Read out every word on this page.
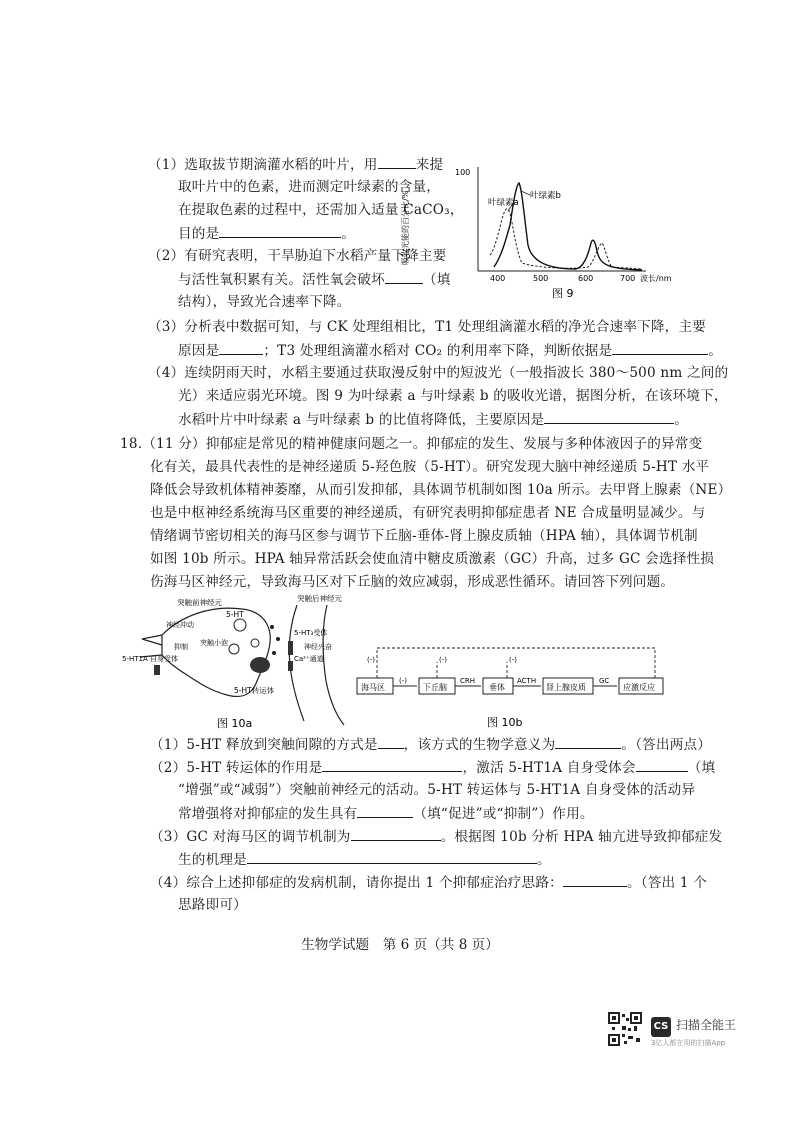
（1）选取拔节期滴灌水稻的叶片，用	来提
取叶片中的色素，进而测定叶绿素的含量，
在提取色素的过程中，还需加入适量 CaCO₃，
目的是	。
（2）有研究表明，干旱胁迫下水稻产量下降主要
与活性氧积累有关。活性氧会破坏	（填
结构），导致光合速率下降。
（3）分析表中数据可知，与 CK 处理组相比，T1 处理组滴灌水稻的净光合速率下降，主要
原因是	；T3 处理组滴灌水稻对 CO₂ 的利用率下降，判断依据是	。
（4）连续阴雨天时，水稻主要通过获取漫反射中的短波光（一般指波长 380～500 nm 之间的
光）来适应弱光环境。图 9 为叶绿素 a 与叶绿素 b 的吸收光谱，据图分析，在该环境下，
水稻叶片中叶绿素 a 与叶绿素 b 的比值将降低，主要原因是	。
吸收光能的百分比/%
100
400	500	600	700 波长/nm
叶绿素a
叶绿素b
图 9
18.（11 分）抑郁症是常见的精神健康问题之一。抑郁症的发生、发展与多种体液因子的异常变
化有关，最具代表性的是神经递质 5-羟色胺（5-HT）。研究发现大脑中神经递质 5-HT 水平
降低会导致机体精神萎靡，从而引发抑郁，具体调节机制如图 10a 所示。去甲肾上腺素（NE）
也是中枢神经系统海马区重要的神经递质，有研究表明抑郁症患者 NE 合成量明显减少。与
情绪调节密切相关的海马区参与调节下丘脑-垂体-肾上腺皮质轴（HPA 轴），具体调节机制
如图 10b 所示。HPA 轴异常活跃会使血清中糖皮质激素（GC）升高，过多 GC 会选择性损
伤海马区神经元，导致海马区对下丘脑的效应减弱，形成恶性循环。请回答下列问题。
突触前神经元	突触后神经元
5-HT
5-HT₃受体
神经兴奋
Ca²⁺通道
突触小泡
神经冲动
抑制
5-HT1A 自身受体
5-HT转运体
图 10a
(-)	(-)	(-)
海马区	下丘脑	垂体	肾上腺皮质	应激反应
(-)	CRH	ACTH	GC
图 10b
（1）5-HT 释放到突触间隙的方式是 ，该方式的生物学意义为	。（答出两点）
（2）5-HT 转运体的作用是	，激活 5-HT1A 自身受体会	（填
“增强”或“减弱”）突触前神经元的活动。5-HT 转运体与 5-HT1A 自身受体的活动异
常增强将对抑郁症的发生具有	（填“促进”或“抑制”）作用。
（3）GC 对海马区的调节机制为	。根据图 10b 分析 HPA 轴亢进导致抑郁症发
生的机理是	。
（4）综合上述抑郁症的发病机制，请你提出 1 个抑郁症治疗思路：	。（答出 1 个
思路即可）
生物学试题　第 6 页（共 8 页）
CS 扫描全能王
3亿人都在用的扫描App
